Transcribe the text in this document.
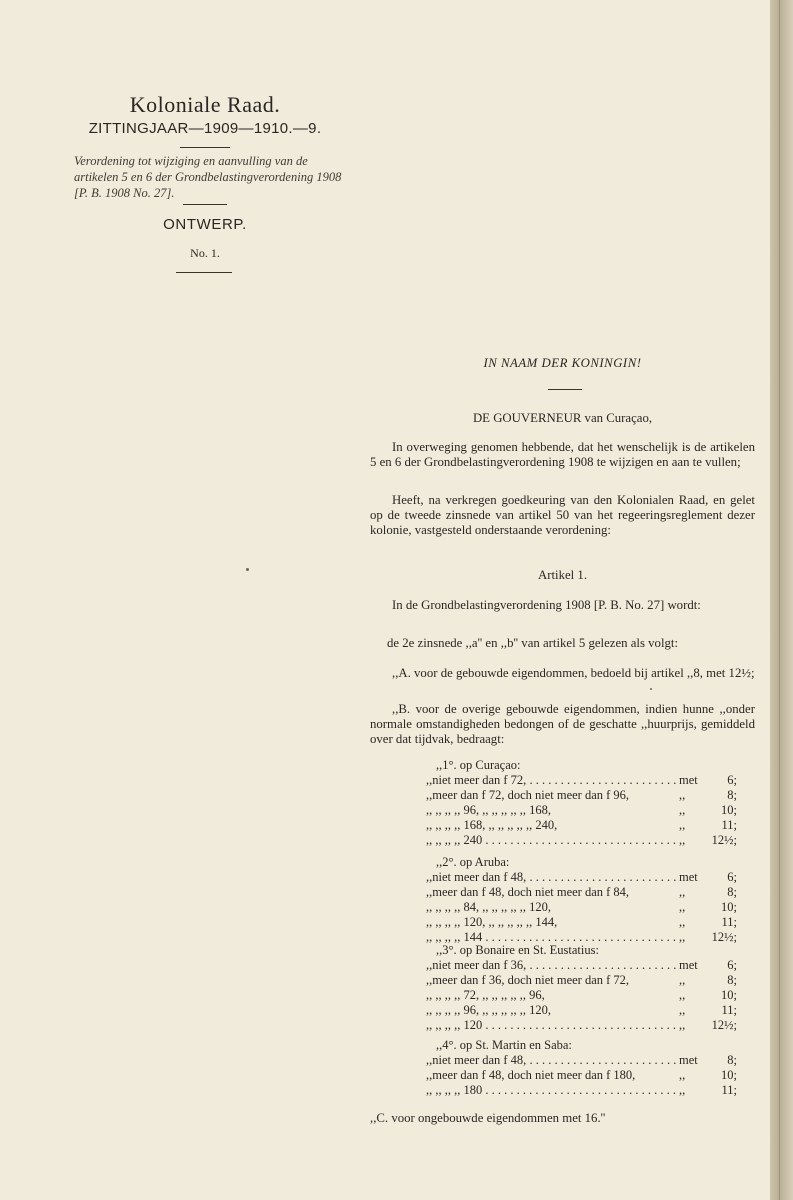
Koloniale Raad.
ZITTINGJAAR—1909—1910.—9.
Verordening tot wijziging en aanvulling van de artikelen 5 en 6 der Grondbelastingverordening 1908 [P. B. 1908 No. 27].
ONTWERP.
No. 1.
IN NAAM DER KONINGIN!
DE GOUVERNEUR van Curaçao,
In overweging genomen hebbende, dat het wenschelijk is de artikelen 5 en 6 der Grondbelastingverordening 1908 te wijzigen en aan te vullen;
Heeft, na verkregen goedkeuring van den Kolonialen Raad, en gelet op de tweede zinsnede van artikel 50 van het regeeringsreglement dezer kolonie, vastgesteld onderstaande verordening:
Artikel 1.
In de Grondbelastingverordening 1908 [P. B. No. 27] wordt:
de 2e zinsnede ,,a'' en ,,b'' van artikel 5 gelezen als volgt:
,,A. voor de gebouwde eigendommen, bedoeld bij artikel ,,8, met 12½;
,,B. voor de overige gebouwde eigendommen, indien hunne ,,onder normale omstandigheden bedongen of de geschatte ,,huurprijs, gemiddeld over dat tijdvak, bedraagt:
,,1°. op Curaçao:
,,niet meer dan f 72, . . .	met 6;
,,meer dan f 72, doch niet meer dan f 96,	,,	8;
,, ,, ,, ,, 96, ,, ,, ,, ,, ,, 168,	,,	10;
,, ,, ,, ,, 168, ,, ,, ,, ,, ,, 240,	,,	11;
,, ,, ,, ,, 240 . . .	,, 12½;
,,2°. op Aruba:
,,niet meer dan f 48, . . .	met 6;
,,meer dan f 48, doch niet meer dan f 84,	,,	8;
,, ,, ,, ,, 84, ,, ,, ,, ,, ,, 120,	,,	10;
,, ,, ,, ,, 120, ,, ,, ,, ,, ,, 144,	,,	11;
,, ,, ,, ,, 144 . . .	,, 12½;
,,3°. op Bonaire en St. Eustatius:
,,niet meer dan f 36, . . .	met 6;
,,meer dan f 36, doch niet meer dan f 72,	,,	8;
,, ,, ,, ,, 72, ,, ,, ,, ,, ,, 96,	,,	10;
,, ,, ,, ,, 96, ,, ,, ,, ,, ,, 120,	,,	11;
,, ,, ,, ,, 120 . . .	,, 12½;
,,4°. op St. Martin en Saba:
,,niet meer dan f 48, . . .	met 8;
,,meer dan f 48, doch niet meer dan f 180,	,,	10;
,, ,, ,, ,, 180 . . .	,,	11;
,,C. voor ongebouwde eigendommen met 16.''
